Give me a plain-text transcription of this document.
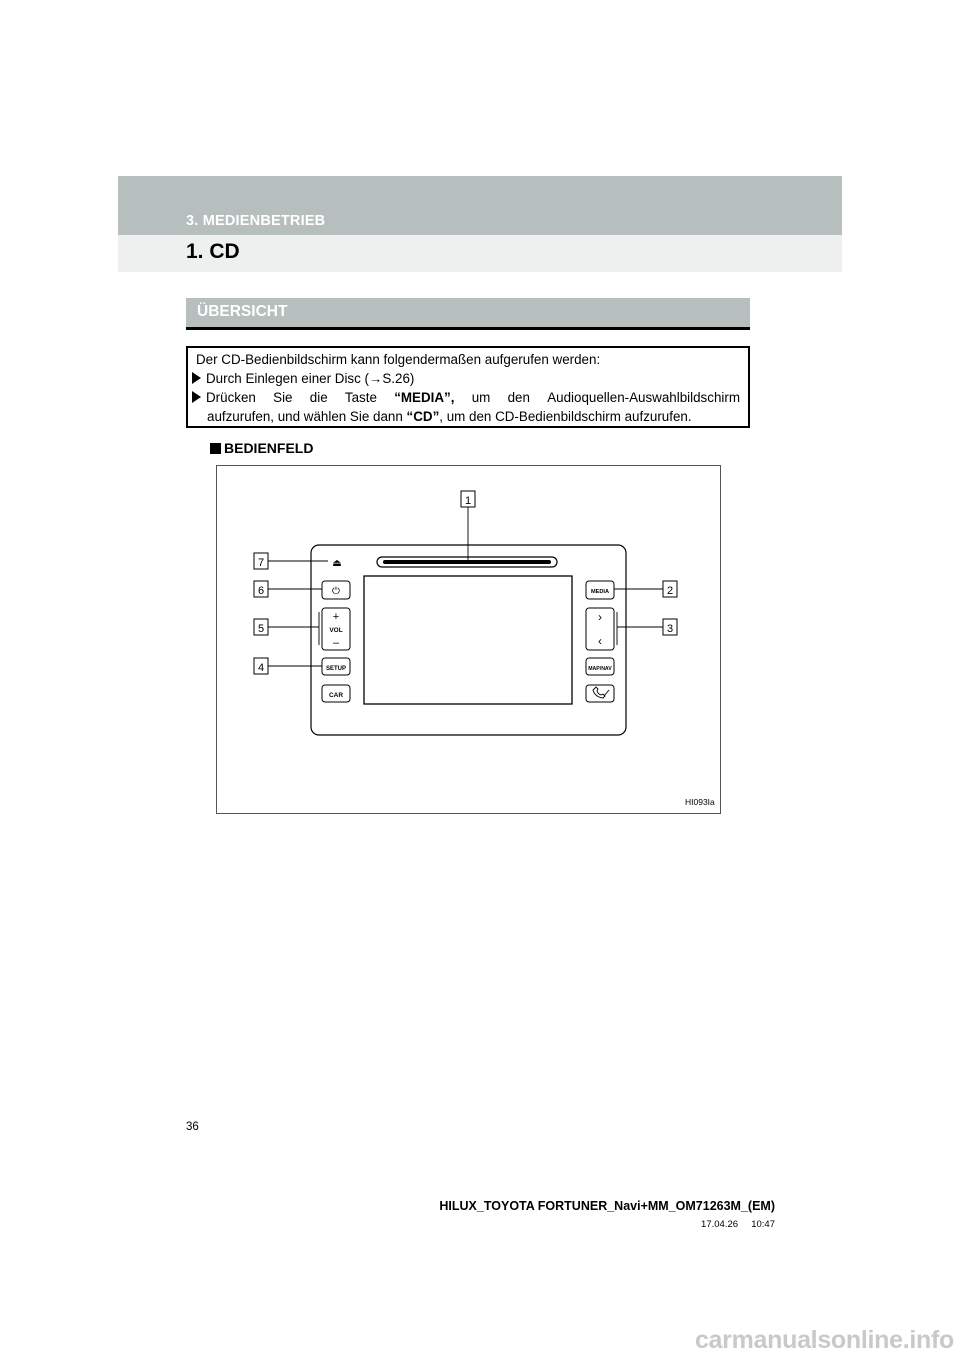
3. MEDIENBETRIEB
1. CD
ÜBERSICHT
Der CD-Bedienbildschirm kann folgendermaßen aufgerufen werden:
Durch Einlegen einer Disc (→S.26)
Drücken Sie die Taste “MEDIA”, um den Audioquellen-Auswahlbildschirm
aufzurufen, und wählen Sie dann “CD”, um den CD-Bedienbildschirm aufzurufen.
BEDIENFELD
⏏
⏻
+
VOL
–
SETUP
CAR
MEDIA
›
‹
MAP/NAV
1
2
3
4
5
6
7
HI093Ia
36
HILUX_TOYOTA FORTUNER_Navi+MM_OM71263M_(EM)
17.04.26     10:47
carmanualsonline.info
